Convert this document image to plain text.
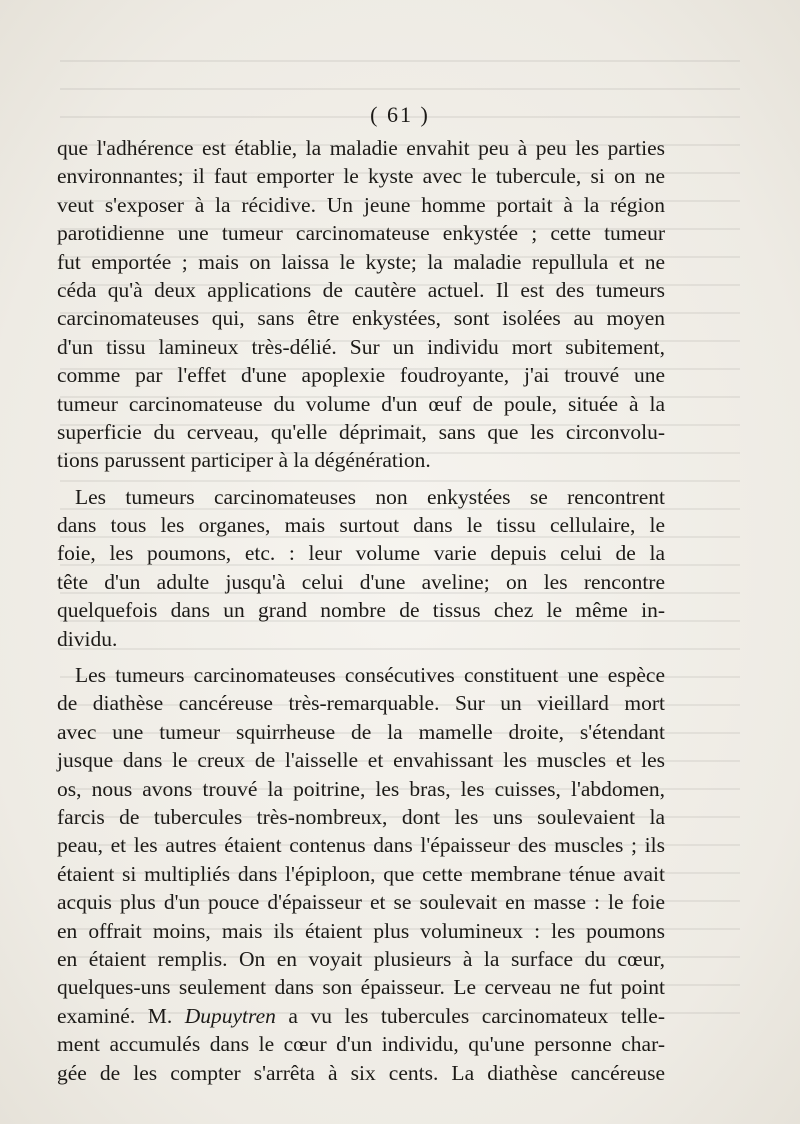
( 61 )
que l'adhérence est établie, la maladie envahit peu à peu les parties
environnantes; il faut emporter le kyste avec le tubercule, si on ne
veut s'exposer à la récidive. Un jeune homme portait à la région
parotidienne une tumeur carcinomateuse enkystée ; cette tumeur
fut emportée ; mais on laissa le kyste; la maladie repullula et ne
céda qu'à deux applications de cautère actuel. Il est des tumeurs
carcinomateuses qui, sans être enkystées, sont isolées au moyen
d'un tissu lamineux très-délié. Sur un individu mort subitement,
comme par l'effet d'une apoplexie foudroyante, j'ai trouvé une
tumeur carcinomateuse du volume d'un œuf de poule, située à la
superficie du cerveau, qu'elle déprimait, sans que les circonvolu-
tions parussent participer à la dégénération.
Les tumeurs carcinomateuses non enkystées se rencontrent
dans tous les organes, mais surtout dans le tissu cellulaire, le
foie, les poumons, etc. : leur volume varie depuis celui de la
tête d'un adulte jusqu'à celui d'une aveline; on les rencontre
quelquefois dans un grand nombre de tissus chez le même in-
dividu.
Les tumeurs carcinomateuses consécutives constituent une espèce
de diathèse cancéreuse très-remarquable. Sur un vieillard mort
avec une tumeur squirrheuse de la mamelle droite, s'étendant
jusque dans le creux de l'aisselle et envahissant les muscles et les
os, nous avons trouvé la poitrine, les bras, les cuisses, l'abdomen,
farcis de tubercules très-nombreux, dont les uns soulevaient la
peau, et les autres étaient contenus dans l'épaisseur des muscles ; ils
étaient si multipliés dans l'épiploon, que cette membrane ténue avait
acquis plus d'un pouce d'épaisseur et se soulevait en masse : le foie
en offrait moins, mais ils étaient plus volumineux : les poumons
en étaient remplis. On en voyait plusieurs à la surface du cœur,
quelques-uns seulement dans son épaisseur. Le cerveau ne fut point
examiné. M. Dupuytren a vu les tubercules carcinomateux telle-
ment accumulés dans le cœur d'un individu, qu'une personne char-
gée de les compter s'arrêta à six cents. La diathèse cancéreuse
